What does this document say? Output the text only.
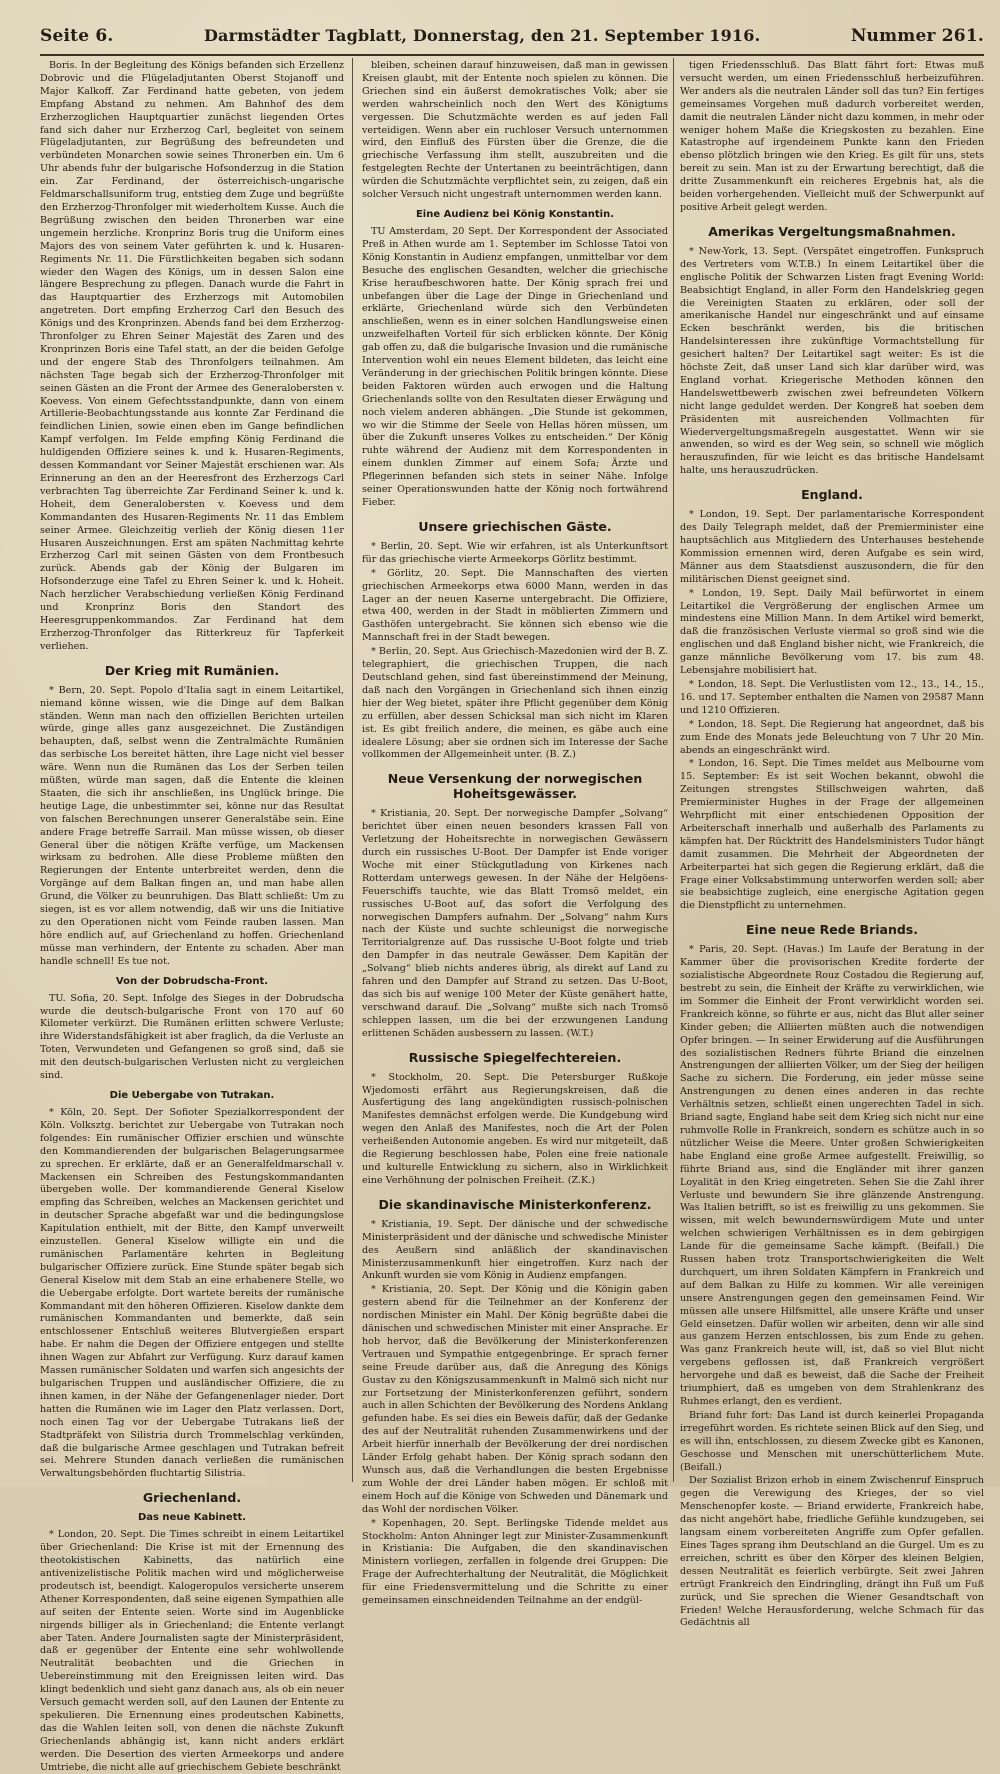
Seite 6.	Darmstädter Tagblatt, Donnerstag, den 21. September 1916.	Nummer 261.

Boris. In der Begleitung des Königs befanden sich Erzellenz Dobrovic und die Flügeladjutanten Oberst Stojanoff und Major Kalkoff. Zar Ferdinand hatte gebeten, von jedem Empfang Abstand zu nehmen. Am Bahnhof des dem Erzherzoglichen Hauptquartier zunächst liegenden Ortes fand sich daher nur Erzherzog Carl, begleitet von seinem Flügeladjutanten, zur Begrüßung des befreundeten und verbündeten Monarchen sowie seines Thronerben ein. Um 6 Uhr abends fuhr der bulgarische Hofsonderzug in die Station ein. Zar Ferdinand, der österreichisch-ungarische Feldmarschallsuniform trug, entstieg dem Zuge und begrüßte den Erzherzog-Thronfolger mit wiederholtem Kusse. Auch die Begrüßung zwischen den beiden Thronerben war eine ungemein herzliche. Kronprinz Boris trug die Uniform eines Majors des von seinem Vater geführten k. und k. Husaren-Regiments Nr. 11. Die Fürstlichkeiten begaben sich sodann wieder den Wagen des Königs, um in dessen Salon eine längere Besprechung zu pflegen. Danach wurde die Fahrt in das Hauptquartier des Erzherzogs mit Automobilen angetreten. Dort empfing Erzherzog Carl den Besuch des Königs und des Kronprinzen. Abends fand bei dem Erzherzog-Thronfolger zu Ehren Seiner Majestät des Zaren und des Kronprinzen Boris eine Tafel statt, an der die beiden Gefolge und der engere Stab des Thronfolgers teilnahmen. Am nächsten Tage begab sich der Erzherzog-Thronfolger mit seinen Gästen an die Front der Armee des Generalobersten v. Koevess. Von einem Gefechtsstandpunkte, dann von einem Artillerie-Beobachtungsstande aus konnte Zar Ferdinand die feindlichen Linien, sowie einen eben im Gange befindlichen Kampf verfolgen. Im Felde empfing König Ferdinand die huldigenden Offiziere seines k. und k. Husaren-Regiments, dessen Kommandant vor Seiner Majestät erschienen war. Als Erinnerung an den an der Heeresfront des Erzherzogs Carl verbrachten Tag überreichte Zar Ferdinand Seiner k. und k. Hoheit, dem Generalobersten v. Koevess und dem Kommandanten des Husaren-Regiments Nr. 11 das Emblem seiner Armee. Gleichzeitig verlieh der König diesen 11er Husaren Auszeichnungen. Erst am späten Nachmittag kehrte Erzherzog Carl mit seinen Gästen von dem Frontbesuch zurück. Abends gab der König der Bulgaren im Hofsonderzuge eine Tafel zu Ehren Seiner k. und k. Hoheit. Nach herzlicher Verabschiedung verließen König Ferdinand und Kronprinz Boris den Standort des Heeresgruppenkommandos. Zar Ferdinand hat dem Erzherzog-Thronfolger das Ritterkreuz für Tapferkeit verliehen.

Der Krieg mit Rumänien.

* Bern, 20. Sept. Popolo d'Italia sagt in einem Leitartikel, niemand könne wissen, wie die Dinge auf dem Balkan ständen. Wenn man nach den offiziellen Berichten urteilen würde, ginge alles ganz ausgezeichnet. Die Zuständigen behaupten, daß, selbst wenn die Zentralmächte Rumänien das serbische Los bereitet hätten, ihre Lage nicht viel besser wäre. Wenn nun die Rumänen das Los der Serben teilen müßten, würde man sagen, daß die Entente die kleinen Staaten, die sich ihr anschließen, ins Unglück bringe. Die heutige Lage, die unbestimmter sei, könne nur das Resultat von falschen Berechnungen unserer Generalstäbe sein. Eine andere Frage betreffe Sarrail. Man müsse wissen, ob dieser General über die nötigen Kräfte verfüge, um Mackensen wirksam zu bedrohen. Alle diese Probleme müßten den Regierungen der Entente unterbreitet werden, denn die Vorgänge auf dem Balkan fingen an, und man habe allen Grund, die Völker zu beunruhigen. Das Blatt schließt: Um zu siegen, ist es vor allem notwendig, daß wir uns die Initiative zu den Operationen nicht vom Feinde rauben lassen. Man höre endlich auf, auf Griechenland zu hoffen. Griechenland müsse man verhindern, der Entente zu schaden. Aber man handle schnell! Es tue not.

Von der Dobrudscha-Front.

TU. Sofia, 20. Sept. Infolge des Sieges in der Dobrudscha wurde die deutsch-bulgarische Front von 170 auf 60 Kilometer verkürzt. Die Rumänen erlitten schwere Verluste; ihre Widerstandsfähigkeit ist aber fraglich, da die Verluste an Toten, Verwundeten und Gefangenen so groß sind, daß sie mit den deutsch-bulgarischen Verlusten nicht zu vergleichen sind.

Die Uebergabe von Tutrakan.

* Köln, 20. Sept. Der Sofioter Spezialkorrespondent der Köln. Volksztg. berichtet zur Uebergabe von Tutrakan noch folgendes: Ein rumänischer Offizier erschien und wünschte den Kommandierenden der bulgarischen Belagerungsarmee zu sprechen. Er erklärte, daß er an Generalfeldmarschall v. Mackensen ein Schreiben des Festungskommandanten übergeben wolle. Der kommandierende General Kiselow empfing das Schreiben, welches an Mackensen gerichtet und in deutscher Sprache abgefaßt war und die bedingungslose Kapitulation enthielt, mit der Bitte, den Kampf unverweilt einzustellen. General Kiselow willigte ein und die rumänischen Parlamentäre kehrten in Begleitung bulgarischer Offiziere zurück. Eine Stunde später begab sich General Kiselow mit dem Stab an eine erhabenere Stelle, wo die Uebergabe erfolgte. Dort wartete bereits der rumänische Kommandant mit den höheren Offizieren. Kiselow dankte dem rumänischen Kommandanten und bemerkte, daß sein entschlossener Entschluß weiteres Blutvergießen erspart habe. Er nahm die Degen der Offiziere entgegen und stellte ihnen Wagen zur Abfahrt zur Verfügung. Kurz darauf kamen Massen rumänischer Soldaten und warfen sich angesichts der bulgarischen Truppen und ausländischer Offiziere, die zu ihnen kamen, in der Nähe der Gefangenenlager nieder. Dort hatten die Rumänen wie im Lager den Platz verlassen. Dort, noch einen Tag vor der Uebergabe Tutrakans ließ der Stadtpräfekt von Silistria durch Trommelschlag verkünden, daß die bulgarische Armee geschlagen und Tutrakan befreit sei. Mehrere Stunden danach verließen die rumänischen Verwaltungsbehörden fluchtartig Silistria.

Griechenland.
Das neue Kabinett.

* London, 20. Sept. Die Times schreibt in einem Leitartikel über Griechenland: Die Krise ist mit der Ernennung des theotokistischen Kabinetts, das natürlich eine antivenizelistische Politik machen wird und möglicherweise prodeutsch ist, beendigt. Kalogeropulos versicherte unserem Athener Korrespondenten, daß seine eigenen Sympathien alle auf seiten der Entente seien. Worte sind im Augenblicke nirgends billiger als in Griechenland; die Entente verlangt aber Taten. Andere Journalisten sagte der Ministerpräsident, daß er gegenüber der Entente eine sehr wohlwollende Neutralität beobachten und die Griechen in Uebereinstimmung mit den Ereignissen leiten wird. Das klingt bedenklich und sieht ganz danach aus, als ob ein neuer Versuch gemacht werden soll, auf den Launen der Entente zu spekulieren. Die Ernennung eines prodeutschen Kabinetts, das die Wahlen leiten soll, von denen die nächste Zukunft Griechenlands abhängig ist, kann nicht anders erklärt werden. Die Desertion des vierten Armeekorps und andere Umtriebe, die nicht alle auf griechischem Gebiete beschränkt

bleiben, scheinen darauf hinzuweisen, daß man in gewissen Kreisen glaubt, mit der Entente noch spielen zu können. Die Griechen sind ein äußerst demokratisches Volk; aber sie werden wahrscheinlich noch den Wert des Königtums vergessen. Die Schutzmächte werden es auf jeden Fall verteidigen. Wenn aber ein ruchloser Versuch unternommen wird, den Einfluß des Fürsten über die Grenze, die die griechische Verfassung ihm stellt, auszubreiten und die festgelegten Rechte der Untertanen zu beeinträchtigen, dann würden die Schutzmächte verpflichtet sein, zu zeigen, daß ein solcher Versuch nicht ungestraft unternommen werden kann.

Eine Audienz bei König Konstantin.

TU Amsterdam, 20 Sept. Der Korrespondent der Associated Preß in Athen wurde am 1. September im Schlosse Tatoi von König Konstantin in Audienz empfangen, unmittelbar vor dem Besuche des englischen Gesandten, welcher die griechische Krise heraufbeschworen hatte. Der König sprach frei und unbefangen über die Lage der Dinge in Griechenland und erklärte, Griechenland würde sich den Verbündeten anschließen, wenn es in einer solchen Handlungsweise einen unzweifelhaften Vorteil für sich erblicken könnte. Der König gab offen zu, daß die bulgarische Invasion und die rumänische Intervention wohl ein neues Element bildeten, das leicht eine Veränderung in der griechischen Politik bringen könnte. Diese beiden Faktoren würden auch erwogen und die Haltung Griechenlands sollte von den Resultaten dieser Erwägung und noch vielem anderen abhängen. „Die Stunde ist gekommen, wo wir die Stimme der Seele von Hellas hören müssen, um über die Zukunft unseres Volkes zu entscheiden.“ Der König ruhte während der Audienz mit dem Korrespondenten in einem dunklen Zimmer auf einem Sofa; Ärzte und Pflegerinnen befanden sich stets in seiner Nähe. Infolge seiner Operationswunden hatte der König noch fortwährend Fieber.

Unsere griechischen Gäste.

* Berlin, 20. Sept. Wie wir erfahren, ist als Unterkunftsort für das griechische vierte Armeekorps Görlitz bestimmt.

* Görlitz, 20. Sept. Die Mannschaften des vierten griechischen Armeekorps etwa 6000 Mann, werden in das Lager an der neuen Kaserne untergebracht. Die Offiziere, etwa 400, werden in der Stadt in möblierten Zimmern und Gasthöfen untergebracht. Sie können sich ebenso wie die Mannschaft frei in der Stadt bewegen.

* Berlin, 20. Sept. Aus Griechisch-Mazedonien wird der B. Z. telegraphiert, die griechischen Truppen, die nach Deutschland gehen, sind fast übereinstimmend der Meinung, daß nach den Vorgängen in Griechenland sich ihnen einzig hier der Weg bietet, später ihre Pflicht gegenüber dem König zu erfüllen, aber dessen Schicksal man sich nicht im Klaren ist. Es gibt freilich andere, die meinen, es gäbe auch eine idealere Lösung; aber sie ordnen sich im Interesse der Sache vollkommen der Allgemeinheit unter. (B. Z.)

Neue Versenkung der norwegischen Hoheitsgewässer.

* Kristiania, 20. Sept. Der norwegische Dampfer „Solvang“ berichtet über einen neuen besonders krassen Fall von Verletzung der Hoheitsrechte in norwegischen Gewässern durch ein russisches U-Boot. Der Dampfer ist Ende voriger Woche mit einer Stückgutladung von Kirkenes nach Rotterdam unterwegs gewesen. In der Nähe der Helgöens-Feuerschiffs tauchte, wie das Blatt Tromsö meldet, ein russisches U-Boot auf, das sofort die Verfolgung des norwegischen Dampfers aufnahm. Der „Solvang“ nahm Kurs nach der Küste und suchte schleunigst die norwegische Territorialgrenze auf. Das russische U-Boot folgte und trieb den Dampfer in das neutrale Gewässer. Dem Kapitän der „Solvang“ blieb nichts anderes übrig, als direkt auf Land zu fahren und den Dampfer auf Strand zu setzen. Das U-Boot, das sich bis auf wenige 100 Meter der Küste genähert hatte, verschwand darauf. Die „Solvang“ mußte sich nach Tromsö schleppen lassen, um die bei der erzwungenen Landung erlittenen Schäden ausbessern zu lassen. (W.T.)

Russische Spiegelfechtereien.

* Stockholm, 20. Sept. Die Petersburger Rußkoje Wjedomosti erfährt aus Regierungskreisen, daß die Ausfertigung des lang angekündigten russisch-polnischen Manifestes demnächst erfolgen werde. Die Kundgebung wird wegen den Anlaß des Manifestes, noch die Art der Polen verheißenden Autonomie angeben. Es wird nur mitgeteilt, daß die Regierung beschlossen habe, Polen eine freie nationale und kulturelle Entwicklung zu sichern, also in Wirklichkeit eine Verhöhnung der polnischen Freiheit. (Z.K.)

Die skandinavische Ministerkonferenz.

* Kristiania, 19. Sept. Der dänische und der schwedische Ministerpräsident und der dänische und schwedische Minister des Aeußern sind anläßlich der skandinavischen Ministerzusammenkunft hier eingetroffen. Kurz nach der Ankunft wurden sie vom König in Audienz empfangen.

* Kristiania, 20. Sept. Der König und die Königin gaben gestern abend für die Teilnehmer an der Konferenz der nordischen Minister ein Mahl. Der König begrüßte dabei die dänischen und schwedischen Minister mit einer Ansprache. Er hob hervor, daß die Bevölkerung der Ministerkonferenzen Vertrauen und Sympathie entgegenbringe. Er sprach ferner seine Freude darüber aus, daß die Anregung des Königs Gustav zu den Königszusammenkunft in Malmö sich nicht nur zur Fortsetzung der Ministerkonferenzen geführt, sondern auch in allen Schichten der Bevölkerung des Nordens Anklang gefunden habe. Es sei dies ein Beweis dafür, daß der Gedanke des auf der Neutralität ruhenden Zusammenwirkens und der Arbeit hierfür innerhalb der Bevölkerung der drei nordischen Länder Erfolg gehabt haben. Der König sprach sodann den Wunsch aus, daß die Verhandlungen die besten Ergebnisse zum Wohle der drei Länder haben mögen. Er schloß mit einem Hoch auf die Könige von Schweden und Dänemark und das Wohl der nordischen Völker.

* Kopenhagen, 20. Sept. Berlingske Tidende meldet aus Stockholm: Anton Ahninger legt zur Minister-Zusammenkunft in Kristiania: Die Aufgaben, die den skandinavischen Ministern vorliegen, zerfallen in folgende drei Gruppen: Die Frage der Aufrechterhaltung der Neutralität, die Möglichkeit für eine Friedensvermittelung und die Schritte zu einer gemeinsamen einschneidenden Teilnahme an der endgül-

tigen Friedensschluß. Das Blatt fährt fort: Etwas muß versucht werden, um einen Friedensschluß herbeizuführen. Wer anders als die neutralen Länder soll das tun? Ein fertiges gemeinsames Vorgehen muß dadurch vorbereitet werden, damit die neutralen Länder nicht dazu kommen, in mehr oder weniger hohem Maße die Kriegskosten zu bezahlen. Eine Katastrophe auf irgendeinem Punkte kann den Frieden ebenso plötzlich bringen wie den Krieg. Es gilt für uns, stets bereit zu sein. Man ist zu der Erwartung berechtigt, daß die dritte Zusammenkunft ein reicheres Ergebnis hat, als die beiden vorhergehenden. Vielleicht muß der Schwerpunkt auf positive Arbeit gelegt werden.

Amerikas Vergeltungsmaßnahmen.

* New-York, 13. Sept. (Verspätet eingetroffen. Funkspruch des Vertreters vom W.T.B.) In einem Leitartikel über die englische Politik der Schwarzen Listen fragt Evening World: Beabsichtigt England, in aller Form den Handelskrieg gegen die Vereinigten Staaten zu erklären, oder soll der amerikanische Handel nur eingeschränkt und auf einsame Ecken beschränkt werden, bis die britischen Handelsinteressen ihre zukünftige Vormachtstellung für gesichert halten? Der Leitartikel sagt weiter: Es ist die höchste Zeit, daß unser Land sich klar darüber wird, was England vorhat. Kriegerische Methoden können den Handelswettbewerb zwischen zwei befreundeten Völkern nicht lange geduldet werden. Der Kongreß hat soeben dem Präsidenten mit ausreichenden Vollmachten für Wiedervergeltungsmaßregeln ausgestattet. Wenn wir sie anwenden, so wird es der Weg sein, so schnell wie möglich herauszufinden, für wie leicht es das britische Handelsamt halte, uns herauszudrücken.

England.

* London, 19. Sept. Der parlamentarische Korrespondent des Daily Telegraph meldet, daß der Premierminister eine hauptsächlich aus Mitgliedern des Unterhauses bestehende Kommission ernennen wird, deren Aufgabe es sein wird, Männer aus dem Staatsdienst auszusondern, die für den militärischen Dienst geeignet sind.

* London, 19. Sept. Daily Mail befürwortet in einem Leitartikel die Vergrößerung der englischen Armee um mindestens eine Million Mann. In dem Artikel wird bemerkt, daß die französischen Verluste viermal so groß sind wie die englischen und daß England bisher nicht, wie Frankreich, die ganze männliche Bevölkerung vom 17. bis zum 48. Lebensjahre mobilisiert hat.

* London, 18. Sept. Die Verlustlisten vom 12., 13., 14., 15., 16. und 17. September enthalten die Namen von 29587 Mann und 1210 Offizieren.

* London, 18. Sept. Die Regierung hat angeordnet, daß bis zum Ende des Monats jede Beleuchtung von 7 Uhr 20 Min. abends an eingeschränkt wird.

* London, 16. Sept. Die Times meldet aus Melbourne vom 15. September: Es ist seit Wochen bekannt, obwohl die Zeitungen strengstes Stillschweigen wahrten, daß Premierminister Hughes in der Frage der allgemeinen Wehrpflicht mit einer entschiedenen Opposition der Arbeiterschaft innerhalb und außerhalb des Parlaments zu kämpfen hat. Der Rücktritt des Handelsministers Tudor hängt damit zusammen. Die Mehrheit der Abgeordneten der Arbeiterpartei hat sich gegen die Regierung erklärt, daß die Frage einer Volksabstimmung unterworfen werden soll; aber sie beabsichtige zugleich, eine energische Agitation gegen die Dienstpflicht zu unternehmen.

Eine neue Rede Briands.

* Paris, 20. Sept. (Havas.) Im Laufe der Beratung in der Kammer über die provisorischen Kredite forderte der sozialistische Abgeordnete Rouz Costadou die Regierung auf, bestrebt zu sein, die Einheit der Kräfte zu verwirklichen, wie im Sommer die Einheit der Front verwirklicht worden sei. Frankreich könne, so führte er aus, nicht das Blut aller seiner Kinder geben; die Alliierten müßten auch die notwendigen Opfer bringen. — In seiner Erwiderung auf die Ausführungen des sozialistischen Redners führte Briand die einzelnen Anstrengungen der alliierten Völker, um der Sieg der heiligen Sache zu sichern. Die Forderung, ein jeder müsse seine Anstrengungen zu denen eines anderen in das rechte Verhältnis setzen, schließt einen ungerechten Tadel in sich. Briand sagte, England habe seit dem Krieg sich nicht nur eine ruhmvolle Rolle in Frankreich, sondern es schütze auch in so nützlicher Weise die Meere. Unter großen Schwierigkeiten habe England eine große Armee aufgestellt. Freiwillig, so führte Briand aus, sind die Engländer mit ihrer ganzen Loyalität in den Krieg eingetreten. Sehen Sie die Zahl ihrer Verluste und bewundern Sie ihre glänzende Anstrengung. Was Italien betrifft, so ist es freiwillig zu uns gekommen. Sie wissen, mit welch bewundernswürdigem Mute und unter welchen schwierigen Verhältnissen es in dem gebirgigen Lande für die gemeinsame Sache kämpft. (Beifall.) Die Russen haben trotz Transportschwierigkeiten die Welt durchquert, um ihren Soldaten Kämpfern in Frankreich und auf dem Balkan zu Hilfe zu kommen. Wir alle vereinigen unsere Anstrengungen gegen den gemeinsamen Feind. Wir müssen alle unsere Hilfsmittel, alle unsere Kräfte und unser Geld einsetzen. Dafür wollen wir arbeiten, denn wir alle sind aus ganzem Herzen entschlossen, bis zum Ende zu gehen. Was ganz Frankreich heute will, ist, daß so viel Blut nicht vergebens geflossen ist, daß Frankreich vergrößert hervorgehe und daß es beweist, daß die Sache der Freiheit triumphiert, daß es umgeben von dem Strahlenkranz des Ruhmes erlangt, den es verdient.

Briand fuhr fort: Das Land ist durch keinerlei Propaganda irregeführt worden. Es richtete seinen Blick auf den Sieg, und es will ihn, entschlossen, zu diesem Zwecke gibt es Kanonen, Geschosse und Menschen mit unerschütterlichem Mute. (Beifall.)

Der Sozialist Brizon erhob in einem Zwischenruf Einspruch gegen die Verewigung des Krieges, der so viel Menschenopfer koste. — Briand erwiderte, Frankreich habe, das nicht angehört habe, friedliche Gefühle kundzugeben, sei langsam einem vorbereiteten Angriffe zum Opfer gefallen. Eines Tages sprang ihm Deutschland an die Gurgel. Um es zu erreichen, schritt es über den Körper des kleinen Belgien, dessen Neutralität es feierlich verbürgte. Seit zwei Jahren ertrügt Frankreich den Eindringling, drängt ihn Fuß um Fuß zurück, und Sie sprechen die Wiener Gesandtschaft von Frieden! Welche Herausforderung, welche Schmach für das Gedächtnis all
